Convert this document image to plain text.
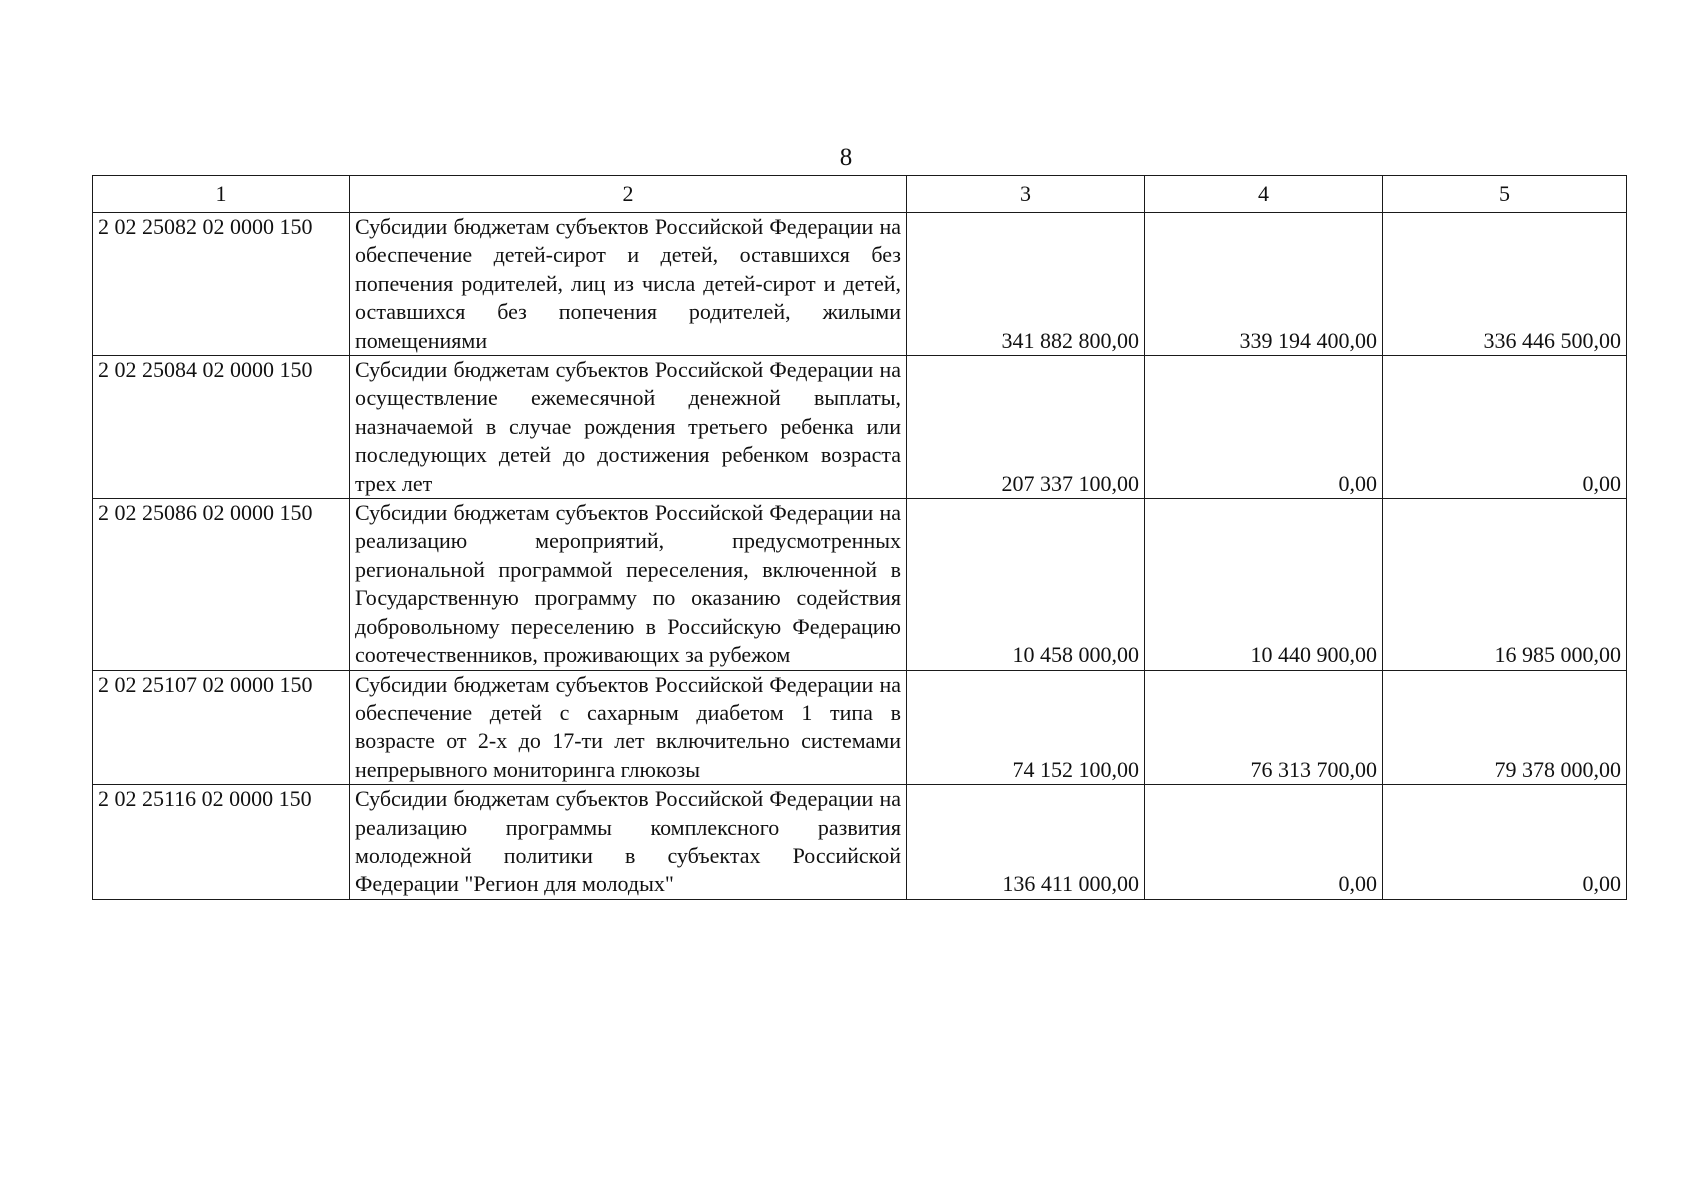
8
1	2	3	4	5
2 02 25082 02 0000 150	Субсидии бюджетам субъектов Российской Федерации на обеспечение детей-сирот и детей, оставшихся без попечения родителей, лиц из числа детей-сирот и детей, оставшихся без попечения родителей, жилыми помещениями	341 882 800,00	339 194 400,00	336 446 500,00
2 02 25084 02 0000 150	Субсидии бюджетам субъектов Российской Федерации на осуществление ежемесячной денежной выплаты, назначаемой в случае рождения третьего ребенка или последующих детей до достижения ребенком возраста трех лет	207 337 100,00	0,00	0,00
2 02 25086 02 0000 150	Субсидии бюджетам субъектов Российской Федерации на реализацию мероприятий, предусмотренных региональной программой переселения, включенной в Государственную программу по оказанию содействия добровольному переселению в Российскую Федерацию соотечественников, проживающих за рубежом	10 458 000,00	10 440 900,00	16 985 000,00
2 02 25107 02 0000 150	Субсидии бюджетам субъектов Российской Федерации на обеспечение детей с сахарным диабетом 1 типа в возрасте от 2-х до 17-ти лет включительно системами непрерывного мониторинга глюкозы	74 152 100,00	76 313 700,00	79 378 000,00
2 02 25116 02 0000 150	Субсидии бюджетам субъектов Российской Федерации на реализацию программы комплексного развития молодежной политики в субъектах Российской Федерации "Регион для молодых"	136 411 000,00	0,00	0,00
